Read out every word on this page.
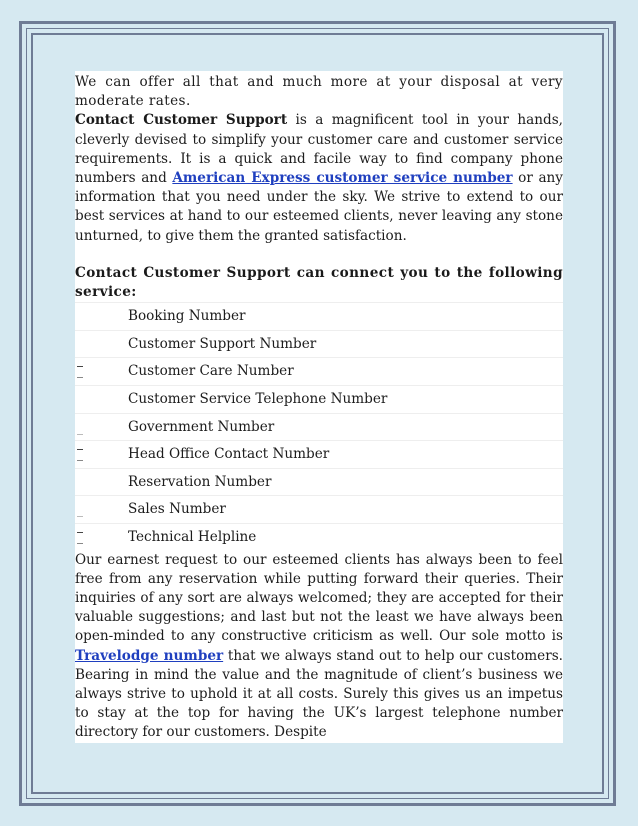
We can offer all that and much more at your disposal at very moderate rates.

Contact Customer Support is a magnificent tool in your hands, cleverly devised to simplify your customer care and customer service requirements. It is a quick and facile way to find company phone numbers and American Express customer service number or any information that you need under the sky. We strive to extend to our best services at hand to our esteemed clients, never leaving any stone unturned, to give them the granted satisfaction.

Contact Customer Support can connect you to the following service:

Booking Number
Customer Support Number
Customer Care Number
Customer Service Telephone Number
Government Number
Head Office Contact Number
Reservation Number
Sales Number
Technical Helpline

Our earnest request to our esteemed clients has always been to feel free from any reservation while putting forward their queries. Their inquiries of any sort are always welcomed; they are accepted for their valuable suggestions; and last but not the least we have always been open-minded to any constructive criticism as well. Our sole motto is Travelodge number that we always stand out to help our customers. Bearing in mind the value and the magnitude of client’s business we always strive to uphold it at all costs. Surely this gives us an impetus to stay at the top for having the UK’s largest telephone number directory for our customers. Despite
